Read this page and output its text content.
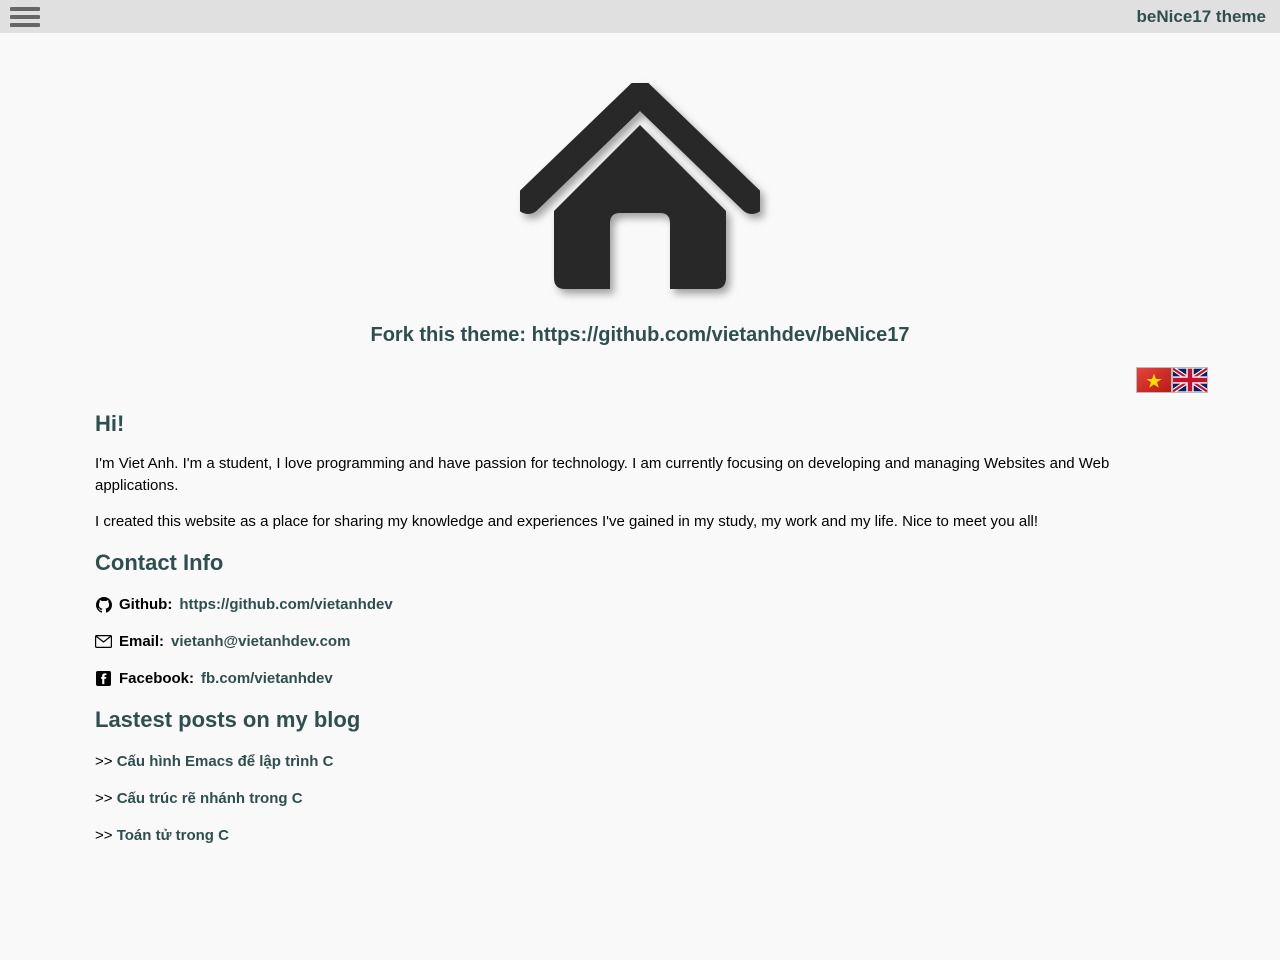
beNice17 theme

Fork this theme: https://github.com/vietanhdev/beNice17

Hi!

I'm Viet Anh. I'm a student, I love programming and have passion for technology. I am currently focusing on developing and managing Websites and Web applications.

I created this website as a place for sharing my knowledge and experiences I've gained in my study, my work and my life. Nice to meet you all!

Contact Info
Github: https://github.com/vietanhdev
Email: vietanh@vietanhdev.com
Facebook: fb.com/vietanhdev
Lastest posts on my blog
>> Cấu hình Emacs để lập trình C
>> Cấu trúc rẽ nhánh trong C
>> Toán tử trong C
